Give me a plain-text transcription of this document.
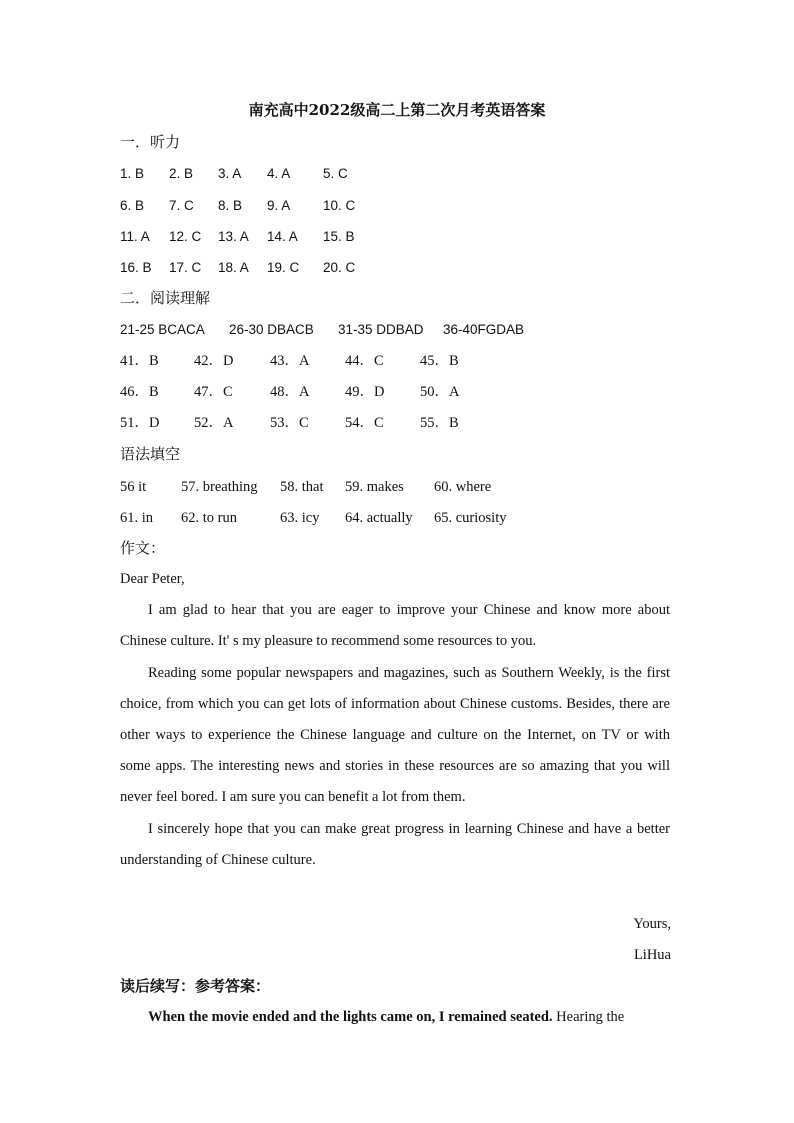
南充高中2022级高二上第二次月考英语答案
一．听力
1. B 2. B 3. A 4. A 5. C
6. B 7. C 8. B 9. A 10. C
11. A 12. C 13. A 14. A 15. B
16. B 17. C 18. A 19. C 20. C
二．阅读理解
21-25 BCACA 26-30 DBACB 31-35 DDBAD 36-40FGDAB
41．B 42．D	43．A 44．C	45．B
46．B 47．C	48．A 49．D 50．A
51．D 52．A	53．C	54．C	55．B
语法填空
56 it 57. breathing 58. that 59. makes 60. where
61. in 62. to run	63. icy 64. actually 65. curiosity
作文：

Dear Peter,

I am glad to hear that you are eager to improve your Chinese and know more about Chinese culture. It' s my pleasure to recommend some resources to you.

Reading some popular newspapers and magazines, such as Southern Weekly, is the first choice, from which you can get lots of information about Chinese customs. Besides, there are other ways to experience the Chinese language and culture on the Internet, on TV or with some apps. The interesting news and stories in these resources are so amazing that you will never feel bored. I am sure you can benefit a lot from them.

I sincerely hope that you can make great progress in learning Chinese and have a better understanding of Chinese culture.

Yours,
LiHua
读后续写：参考答案：

When the movie ended and the lights came on, I remained seated. Hearing the
